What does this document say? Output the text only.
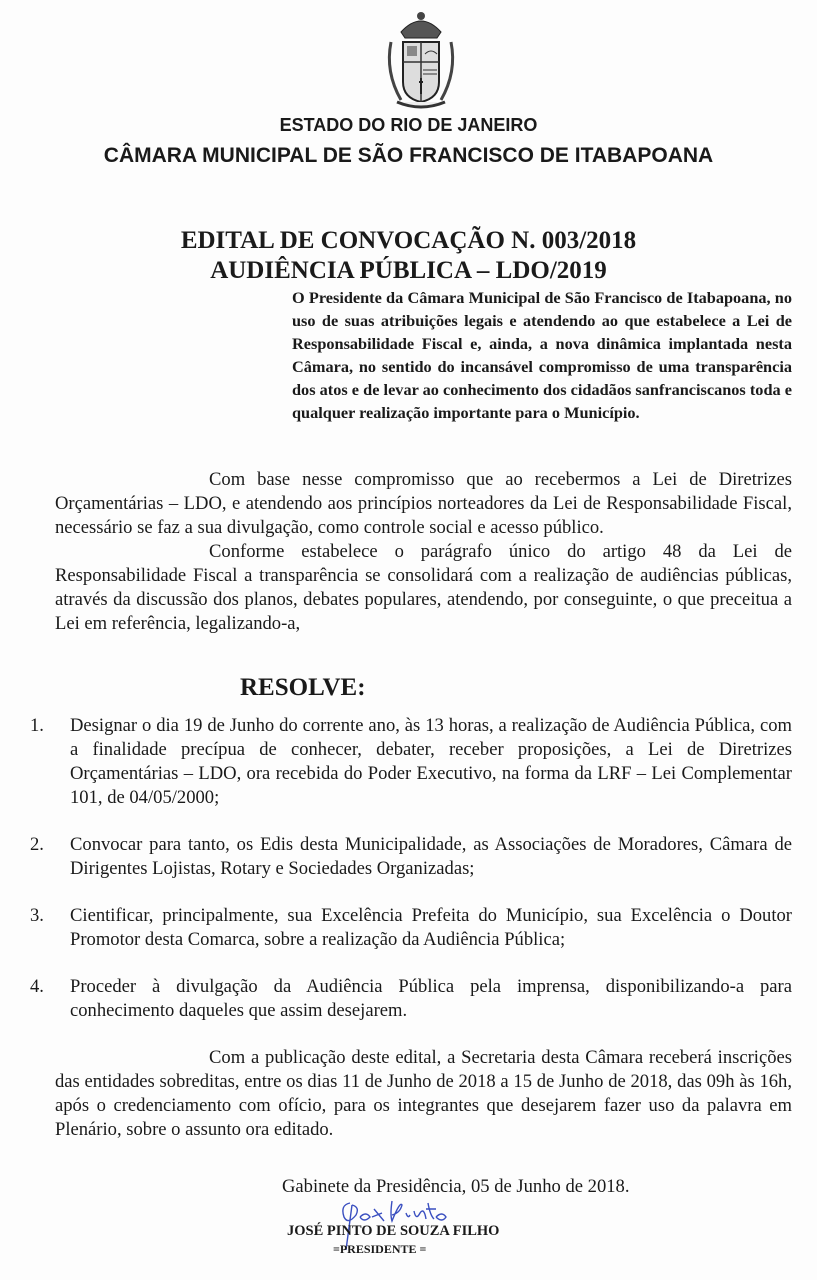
ESTADO DO RIO DE JANEIRO
CÂMARA MUNICIPAL DE SÃO FRANCISCO DE ITABAPOANA
EDITAL DE CONVOCAÇÃO N. 003/2018
AUDIÊNCIA PÚBLICA – LDO/2019
O Presidente da Câmara Municipal de São Francisco de Itabapoana, no uso de suas atribuições legais e atendendo ao que estabelece a Lei de Responsabilidade Fiscal e, ainda, a nova dinâmica implantada nesta Câmara, no sentido do incansável compromisso de uma transparência dos atos e de levar ao conhecimento dos cidadãos sanfranciscanos toda e qualquer realização importante para o Município.

Com base nesse compromisso que ao recebermos a Lei de Diretrizes Orçamentárias – LDO, e atendendo aos princípios norteadores da Lei de Responsabilidade Fiscal, necessário se faz a sua divulgação, como controle social e acesso público.

Conforme estabelece o parágrafo único do artigo 48 da Lei de Responsabilidade Fiscal a transparência se consolidará com a realização de audiências públicas, através da discussão dos planos, debates populares, atendendo, por conseguinte, o que preceitua a Lei em referência, legalizando-a,

RESOLVE:
1.	Designar o dia 19 de Junho do corrente ano, às 13 horas, a realização de Audiência Pública, com a finalidade precípua de conhecer, debater, receber proposições, a Lei de Diretrizes Orçamentárias – LDO, ora recebida do Poder Executivo, na forma da LRF – Lei Complementar 101, de 04/05/2000;
2.	Convocar para tanto, os Edis desta Municipalidade, as Associações de Moradores, Câmara de Dirigentes Lojistas, Rotary e Sociedades Organizadas;
3.	Cientificar, principalmente, sua Excelência Prefeita do Município, sua Excelência o Doutor Promotor desta Comarca, sobre a realização da Audiência Pública;
4.	Proceder à divulgação da Audiência Pública pela imprensa, disponibilizando-a para conhecimento daqueles que assim desejarem.

Com a publicação deste edital, a Secretaria desta Câmara receberá inscrições das entidades sobreditas, entre os dias 11 de Junho de 2018 a 15 de Junho de 2018, das 09h às 16h, após o credenciamento com ofício, para os integrantes que desejarem fazer uso da palavra em Plenário, sobre o assunto ora editado.

Gabinete da Presidência, 05 de Junho de 2018.
JOSÉ PINTO DE SOUZA FILHO
=PRESIDENTE =
